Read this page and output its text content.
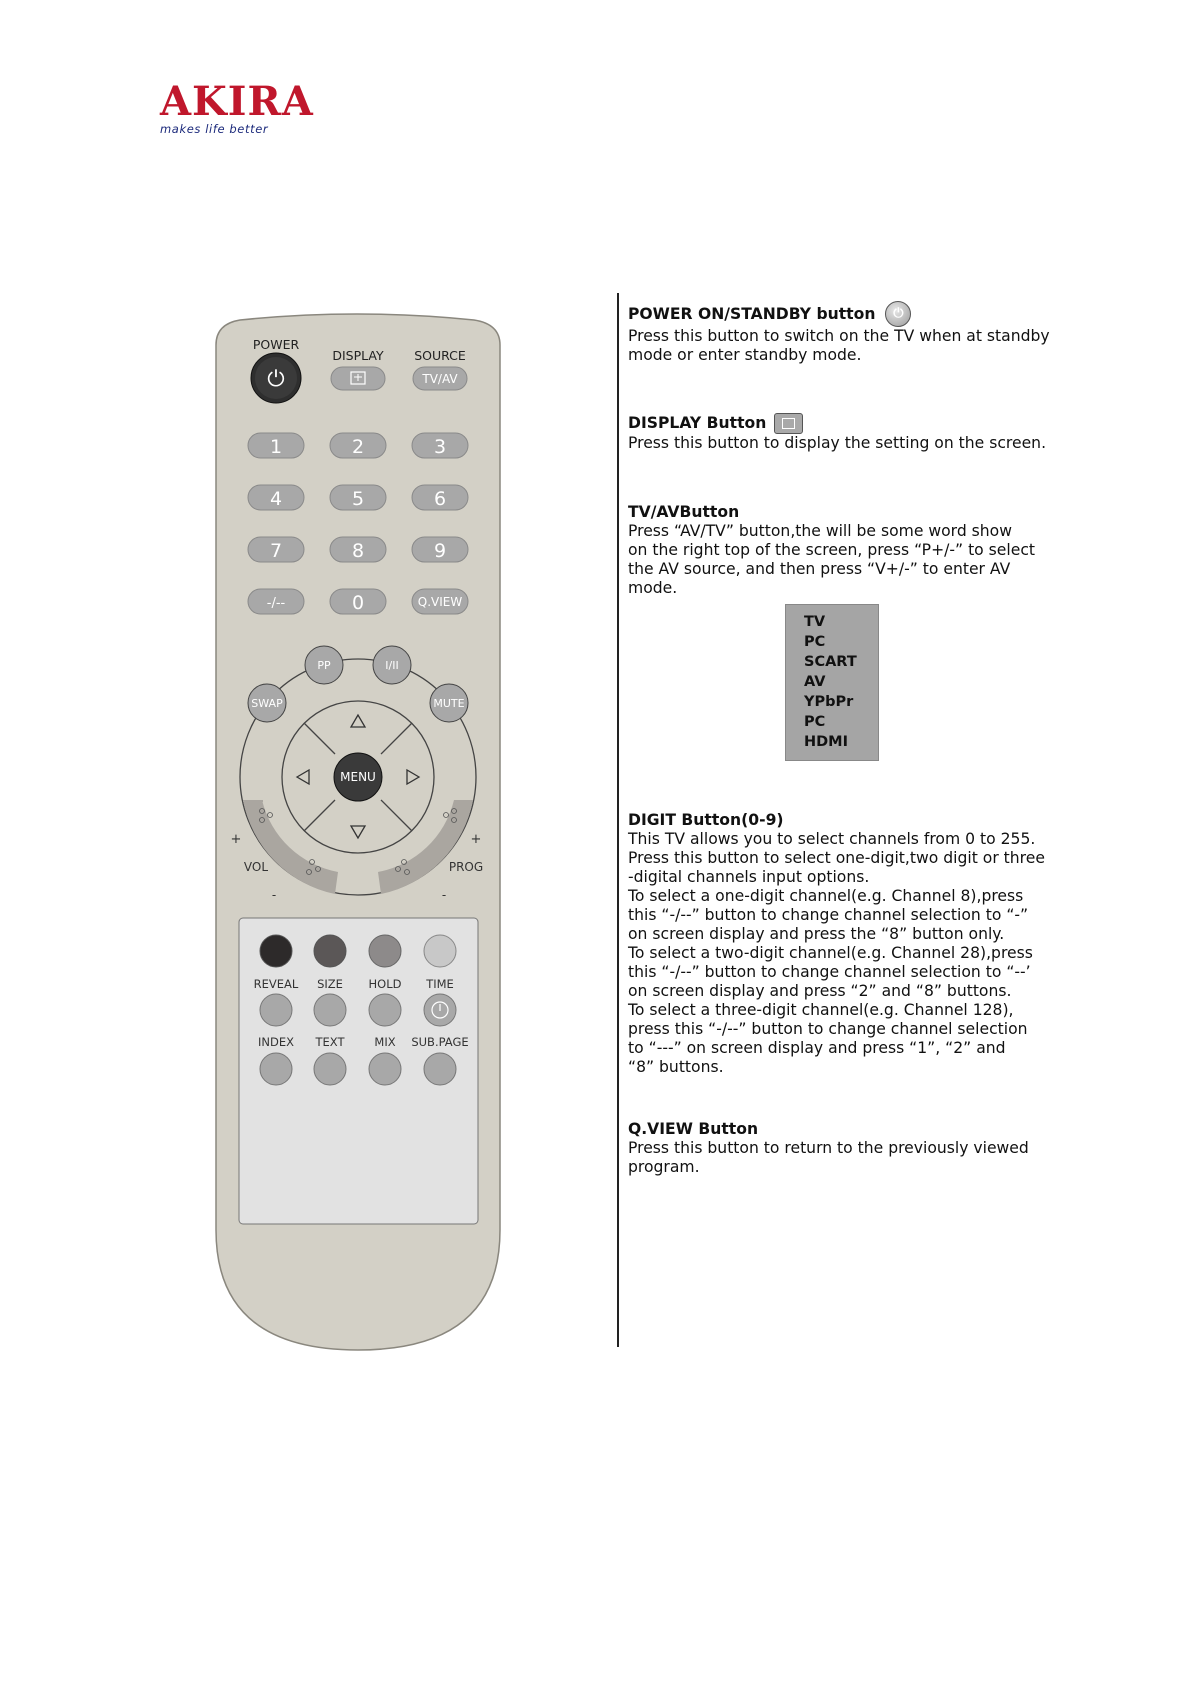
AKIRA
makes life better
POWER
DISPLAY SOURCE
⏻	TV/AV
1	2	3
4	5	6
7	8	9
-/--	0	Q.VIEW
MENU
PP	I/II
SWAP	MUTE
+
VOL
-
+
PROG
-
REVEAL SIZE HOLD TIME
INDEX TEXT	MIX SUB.PAGE
POWER ON/STANDBY button
⏻

Press this button to switch on the TV when at standby

mode or enter standby mode.

DISPLAY Button

Press this button to display the setting on the screen.

TV/AVButton

Press “AV/TV” button,the will be some word show

on the right top of the screen, press “P+/-” to select

the AV source, and then press “V+/-” to enter AV

mode.

DIGIT Button(0-9)

This TV allows you to select channels from 0 to 255.

Press this button to select one-digit,two digit or three

-digital channels input options.

To select a one-digit channel(e.g. Channel 8),press

this “-/--” button to change channel selection to “-”

on screen display and press the “8” button only.

To select a two-digit channel(e.g. Channel 28),press

this “-/--” button to change channel selection to “--’

on screen display and press “2” and “8” buttons.

To select a three-digit channel(e.g. Channel 128),

press this “-/--” button to change channel selection

to “---” on screen display and press “1”, “2” and

“8” buttons.

Q.VIEW Button

Press this button to return to the previously viewed

program.

TV
PC
SCART
AV
YPbPr
PC
HDMI
